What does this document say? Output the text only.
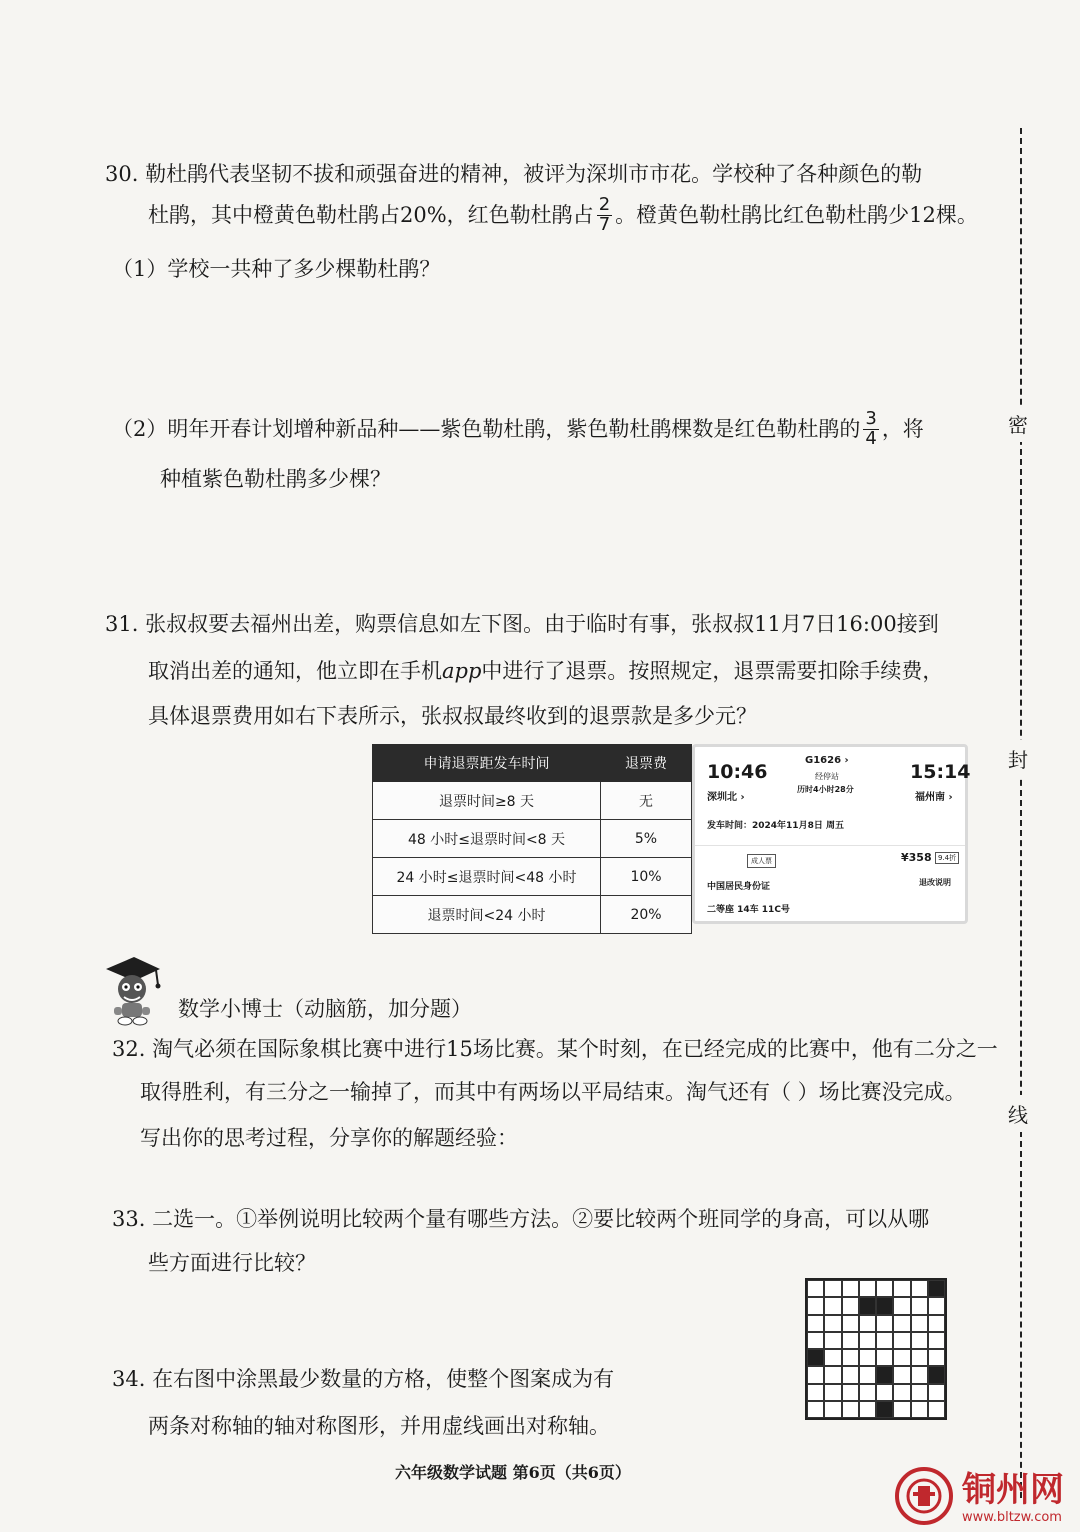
密
封
线
30. 勒杜鹃代表坚韧不拔和顽强奋进的精神，被评为深圳市市花。学校种了各种颜色的勒
杜鹃，其中橙黄色勒杜鹃占20%，红色勒杜鹃占 $\frac{2}{7}$ 。橙黄色勒杜鹃比红色勒杜鹃少12棵。
（1）学校一共种了多少棵勒杜鹃？
（2）明年开春计划增种新品种——紫色勒杜鹃，紫色勒杜鹃棵数是红色勒杜鹃的 $\frac{3}{4}$ ，将
种植紫色勒杜鹃多少棵？
31. 张叔叔要去福州出差，购票信息如左下图。由于临时有事，张叔叔11月7日16:00接到
取消出差的通知，他立即在手机app中进行了退票。按照规定，退票需要扣除手续费，
具体退票费用如右下表所示，张叔叔最终收到的退票款是多少元？
申请退票距发车时间	退票费
退票时间≥8 天	无
48 小时≤退票时间<8 天	5%
24 小时≤退票时间<48 小时	10%
退票时间<24 小时	20%
10:46
深圳北 ›
G1626 ›
经停站
历时4小时28分
15:14
福州南 ›
发车时间：2024年11月8日 周五
成人票	¥358 9.4折
中国居民身份证	退改说明
二等座 14车 11C号
数学小博士（动脑筋，加分题）
32. 淘气必须在国际象棋比赛中进行15场比赛。某个时刻，在已经完成的比赛中，他有二分之一
取得胜利，有三分之一输掉了，而其中有两场以平局结束。淘气还有（ ）场比赛没完成。
写出你的思考过程，分享你的解题经验：
33. 二选一。①举例说明比较两个量有哪些方法。②要比较两个班同学的身高，可以从哪
些方面进行比较？
34. 在右图中涂黑最少数量的方格，使整个图案成为有
两条对称轴的轴对称图形，并用虚线画出对称轴。
六年级数学试题 第6页（共6页）	铜州网
www.bltzw.com
